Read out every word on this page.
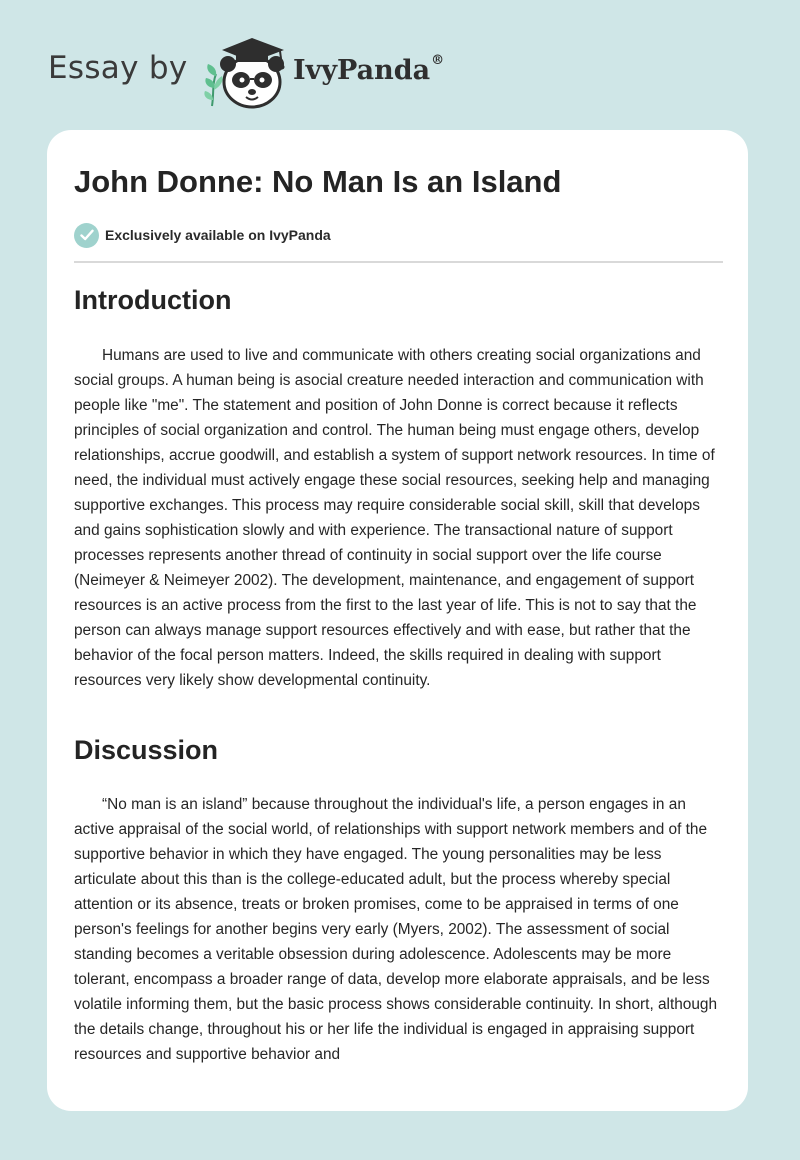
Essay by	IvyPanda®
John Donne: No Man Is an Island
Exclusively available on IvyPanda
Introduction

Humans are used to live and communicate with others creating social organizations and social groups. A human being is asocial creature needed interaction and communication with people like "me". The statement and position of John Donne is correct because it reflects principles of social organization and control. The human being must engage others, develop relationships, accrue goodwill, and establish a system of support network resources. In time of need, the individual must actively engage these social resources, seeking help and managing supportive exchanges. This process may require considerable social skill, skill that develops and gains sophistication slowly and with experience. The transactional nature of support processes represents another thread of continuity in social support over the life course (Neimeyer & Neimeyer 2002). The development, maintenance, and engagement of support resources is an active process from the first to the last year of life. This is not to say that the person can always manage support resources effectively and with ease, but rather that the behavior of the focal person matters. Indeed, the skills required in dealing with support resources very likely show developmental continuity.

Discussion

“No man is an island” because throughout the individual's life, a person engages in an active appraisal of the social world, of relationships with support network members and of the supportive behavior in which they have engaged. The young personalities may be less articulate about this than is the college-educated adult, but the process whereby special attention or its absence, treats or broken promises, come to be appraised in terms of one person's feelings for another begins very early (Myers, 2002). The assessment of social standing becomes a veritable obsession during adolescence. Adolescents may be more tolerant, encompass a broader range of data, develop more elaborate appraisals, and be less volatile informing them, but the basic process shows considerable continuity. In short, although the details change, throughout his or her life the individual is engaged in appraising support resources and supportive behavior and
